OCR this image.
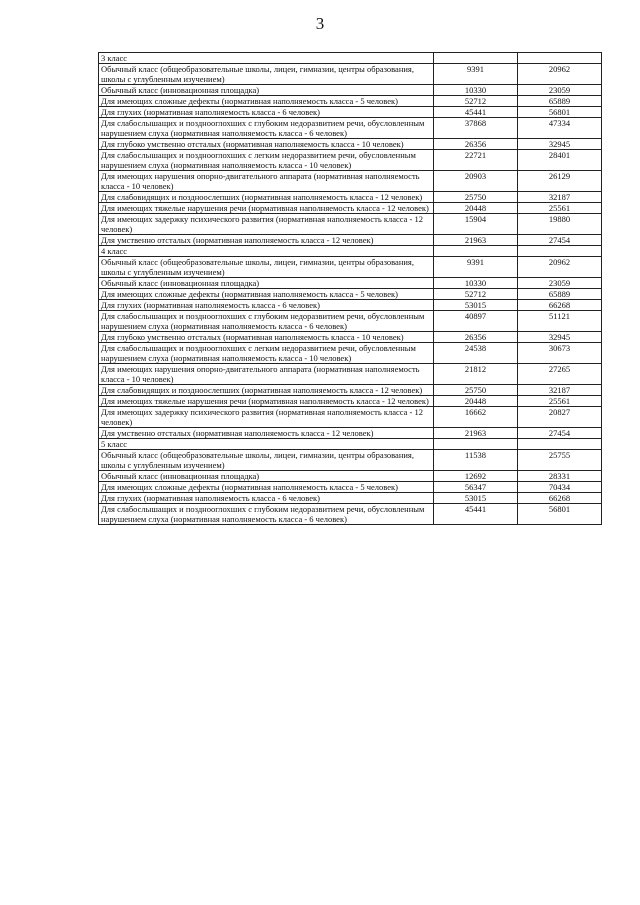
3
3 класс		
Обычный класс (общеобразовательные школы, лицеи, гимназии, центры образования, школы с углубленным изучением)	9391	20962
Обычный класс (инновационная площадка)	10330	23059
Для имеющих сложные дефекты (нормативная наполняемость класса - 5 человек)	52712	65889
Для глухих (нормативная наполняемость класса - 6 человек)	45441	56801
Для слабослышащих и позднооглохших с глубоким недоразвитием речи, обусловленным нарушением слуха (нормативная наполняемость класса - 6 человек)	37868	47334
Для глубоко умственно отсталых (нормативная наполняемость класса - 10 человек)	26356	32945
Для слабослышащих и позднооглохших с легким недоразвитием речи, обусловленным нарушением слуха (нормативная наполняемость класса - 10 человек)	22721	28401
Для имеющих нарушения опорно-двигательного аппарата (нормативная наполняемость класса - 10 человек)	20903	26129
Для слабовидящих и поздноослепших (нормативная наполняемость класса - 12 человек)	25750	32187
Для имеющих тяжелые нарушения речи (нормативная наполняемость класса - 12 человек)	20448	25561
Для имеющих задержку психического развития (нормативная наполняемость класса - 12 человек)	15904	19880
Для умственно отсталых (нормативная наполняемость класса - 12 человек)	21963	27454
4 класс		
Обычный класс (общеобразовательные школы, лицеи, гимназии, центры образования, школы с углубленным изучением)	9391	20962
Обычный класс (инновационная площадка)	10330	23059
Для имеющих сложные дефекты (нормативная наполняемость класса - 5 человек)	52712	65889
Для глухих (нормативная наполняемость класса - 6 человек)	53015	66268
Для слабослышащих и позднооглохших с глубоким недоразвитием речи, обусловленным нарушением слуха (нормативная наполняемость класса - 6 человек)	40897	51121
Для глубоко умственно отсталых (нормативная наполняемость класса - 10 человек)	26356	32945
Для слабослышащих и позднооглохших с легким недоразвитием речи, обусловленным нарушением слуха (нормативная наполняемость класса - 10 человек)	24538	30673
Для имеющих нарушения опорно-двигательного аппарата (нормативная наполняемость класса - 10 человек)	21812	27265
Для слабовидящих и поздноослепших (нормативная наполняемость класса - 12 человек)	25750	32187
Для имеющих тяжелые нарушения речи (нормативная наполняемость класса - 12 человек)	20448	25561
Для имеющих задержку психического развития (нормативная наполняемость класса - 12 человек)	16662	20827
Для умственно отсталых (нормативная наполняемость класса - 12 человек)	21963	27454
5 класс		
Обычный класс (общеобразовательные школы, лицеи, гимназии, центры образования, школы с углубленным изучением)	11538	25755
Обычный класс (инновационная площадка)	12692	28331
Для имеющих сложные дефекты (нормативная наполняемость класса - 5 человек)	56347	70434
Для глухих (нормативная наполняемость класса - 6 человек)	53015	66268
Для слабослышащих и позднооглохших с глубоким недоразвитием речи, обусловленным нарушением слуха (нормативная наполняемость класса - 6 человек)	45441	56801
